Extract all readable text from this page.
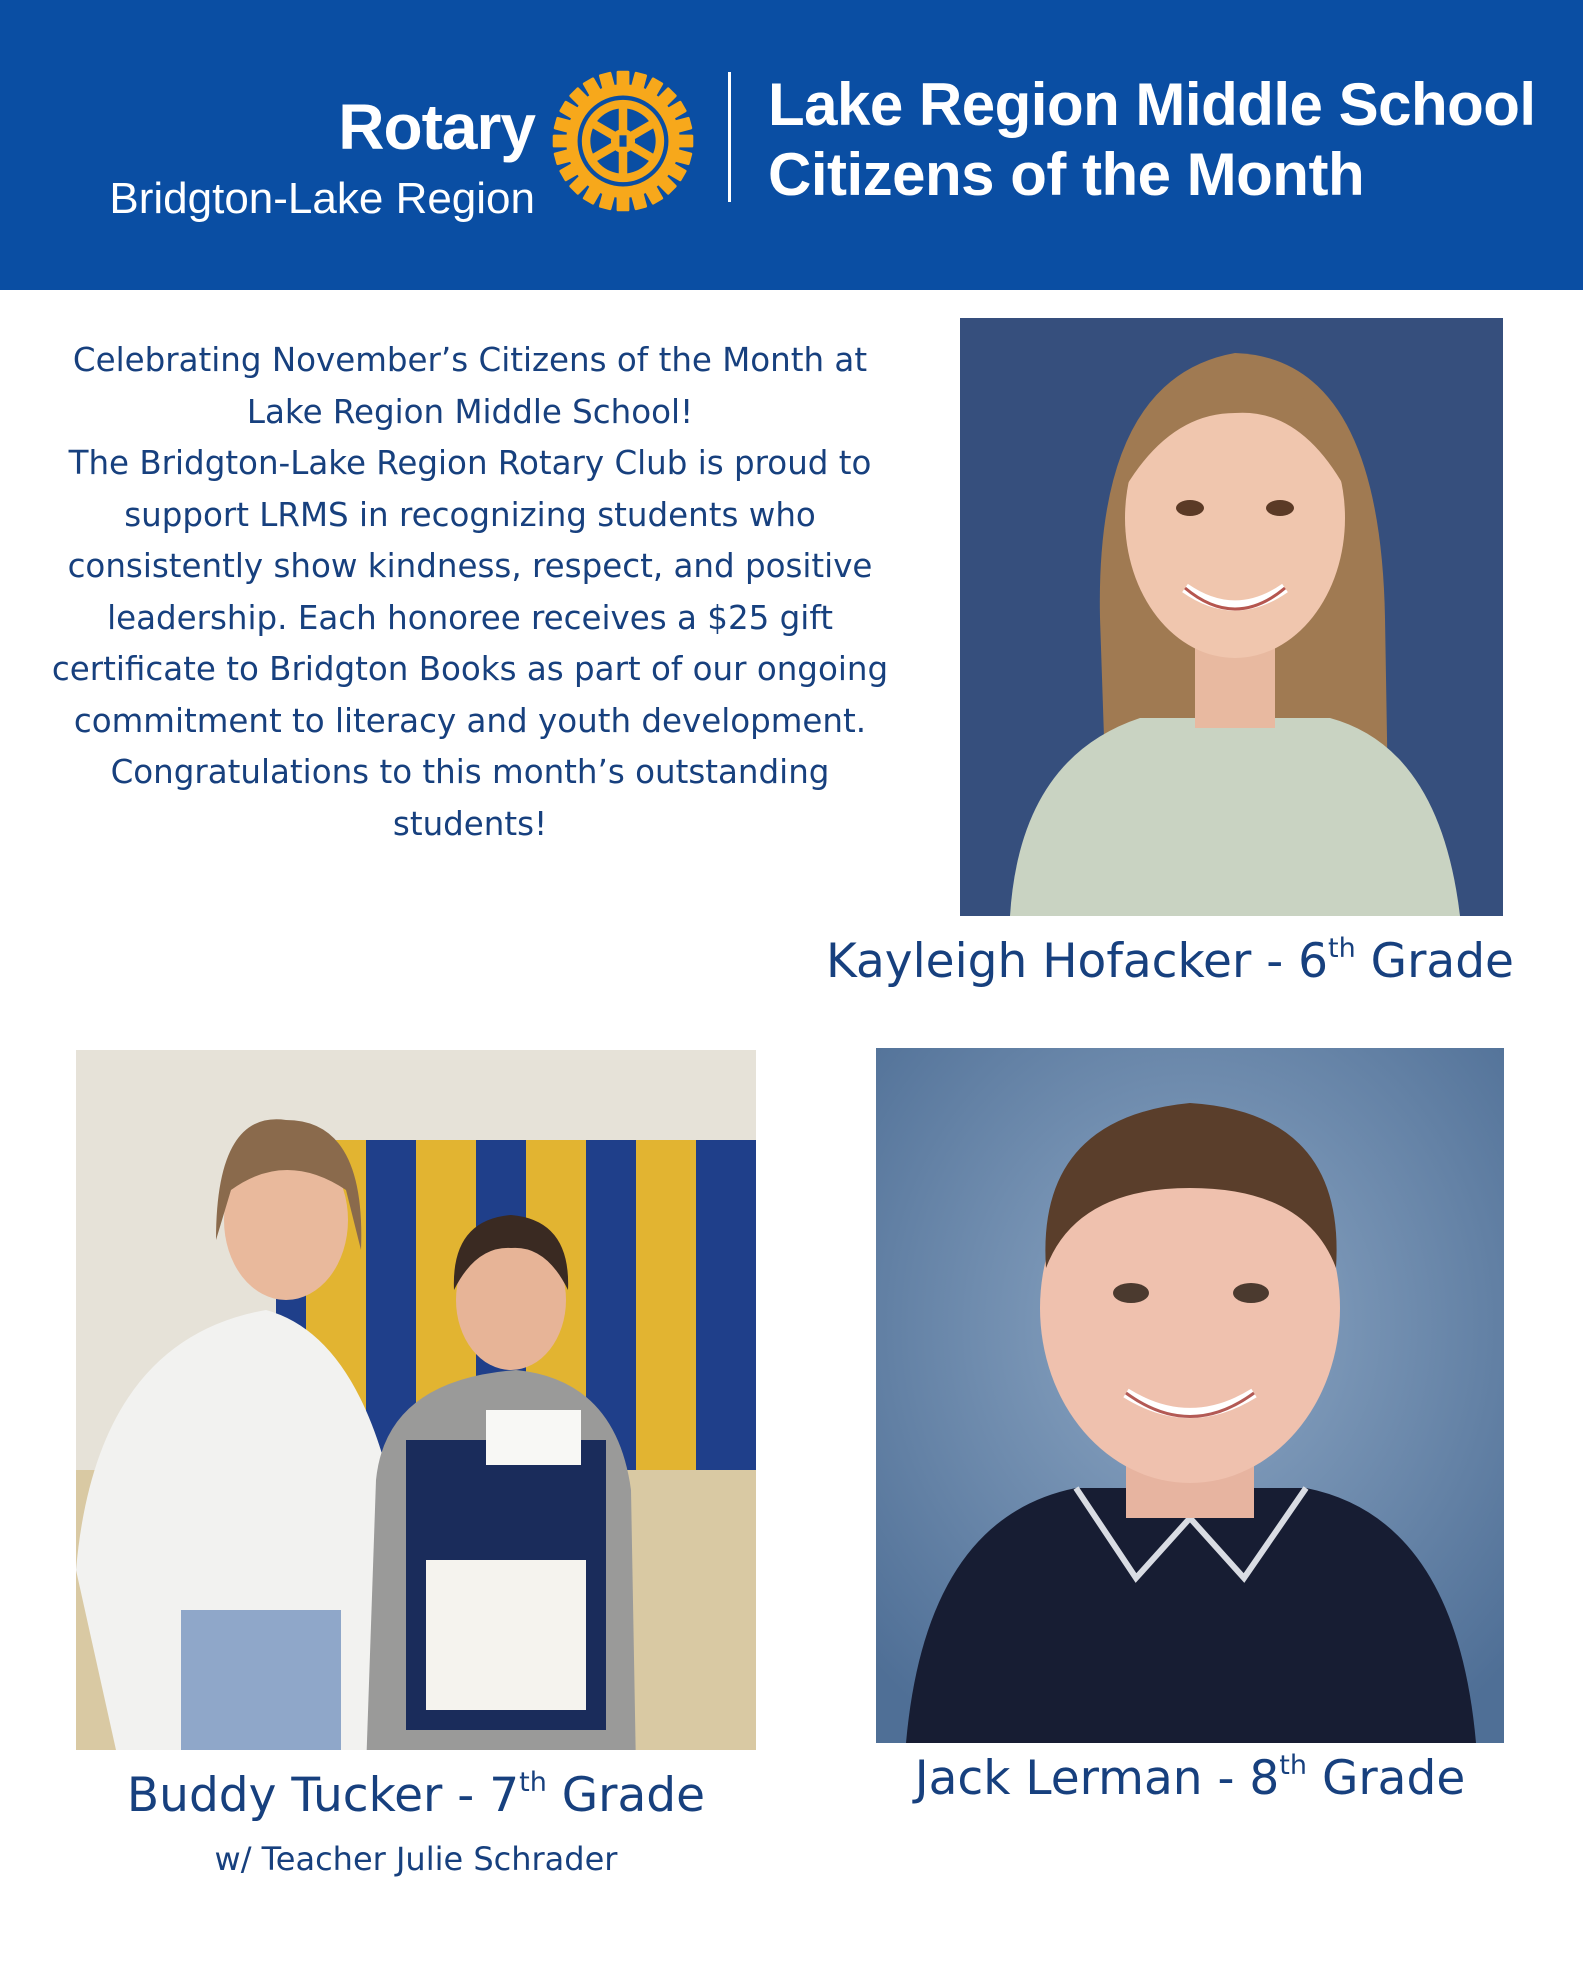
Rotary
Bridgton-Lake Region
Lake Region Middle School
Citizens of the Month

Celebrating November’s Citizens of the Month at Lake Region Middle School!

The Bridgton-Lake Region Rotary Club is proud to support LRMS in recognizing students who consistently show kindness, respect, and positive leadership. Each honoree receives a $25 gift certificate to Bridgton Books as part of our ongoing commitment to literacy and youth development.

Congratulations to this month’s outstanding students!

Kayleigh Hofacker - 6th Grade
Buddy Tucker - 7th Grade
w/ Teacher Julie Schrader
Jack Lerman - 8th Grade
